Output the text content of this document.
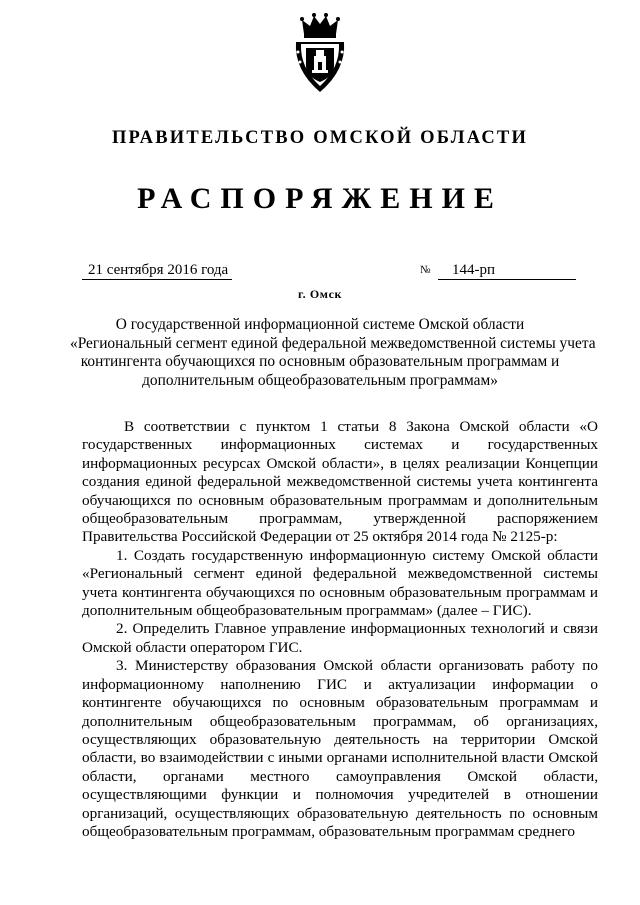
ПРАВИТЕЛЬСТВО ОМСКОЙ ОБЛАСТИ
РАСПОРЯЖЕНИЕ
21 сентября 2016 года	№	144-рп
г. Омск
О государственной информационной системе Омской области
«Региональный сегмент единой федеральной межведомственной системы учета
контингента обучающихся по основным образовательным программам и
дополнительным общеобразовательным программам»

В соответствии с пунктом 1 статьи 8 Закона Омской области «О государственных информационных системах и государственных информационных ресурсах Омской области», в целях реализации Концепции создания единой федеральной межведомственной системы учета контингента обучающихся по основным образовательным программам и дополнительным общеобразовательным программам, утвержденной распоряжением Правительства Российской Федерации от 25 октября 2014 года № 2125-р:

1. Создать государственную информационную систему Омской области «Региональный сегмент единой федеральной межведомственной системы учета контингента обучающихся по основным образовательным программам и дополнительным общеобразовательным программам» (далее – ГИС).

2. Определить Главное управление информационных технологий и связи Омской области оператором ГИС.

3. Министерству образования Омской области организовать работу по информационному наполнению ГИС и актуализации информации о контингенте обучающихся по основным образовательным программам и дополнительным общеобразовательным программам, об организациях, осуществляющих образовательную деятельность на территории Омской области, во взаимодействии с иными органами исполнительной власти Омской области, органами местного самоуправления Омской области, осуществляющими функции и полномочия учредителей в отношении организаций, осуществляющих образовательную деятельность по основным общеобразовательным программам, образовательным программам среднего
